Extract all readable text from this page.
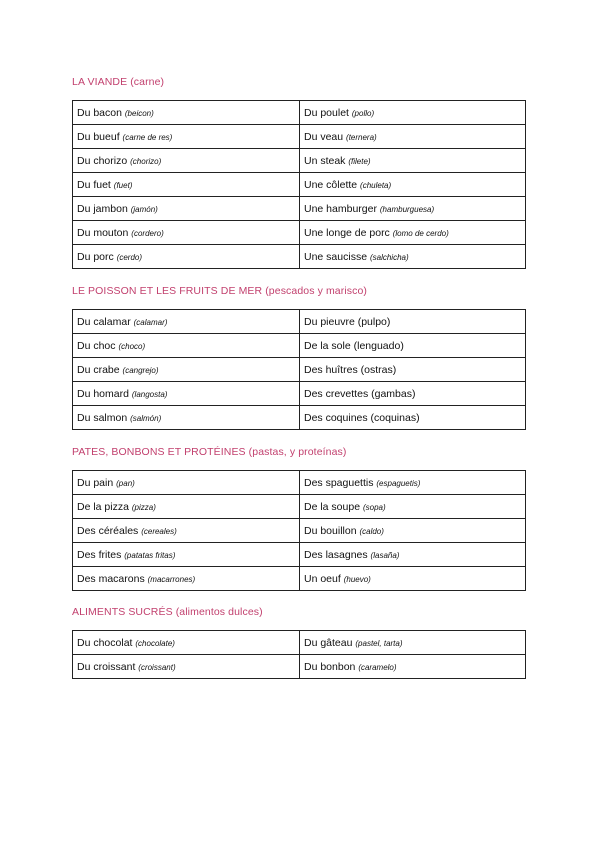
LA VIANDE (carne)
Du bacon (beicon)	Du poulet (pollo)
Du bueuf (carne de res)	Du veau (ternera)
Du chorizo (chorizo)	Un steak (filete)
Du fuet (fuet)	Une côlette (chuleta)
Du jambon (jamón)	Une hamburger (hamburguesa)
Du mouton (cordero)	Une longe de porc (lomo de cerdo)
Du porc (cerdo)	Une saucisse (salchicha)
LE POISSON ET LES FRUITS DE MER (pescados y marisco)
Du calamar (calamar)	Du pieuvre (pulpo)
Du choc (choco)	De la sole (lenguado)
Du crabe (cangrejo)	Des huîtres (ostras)
Du homard (langosta)	Des crevettes (gambas)
Du salmon (salmón)	Des coquines (coquinas)
PATES, BONBONS ET PROTÉINES (pastas, y proteínas)
Du pain (pan)	Des spaguettis (espaguetis)
De la pizza (pizza)	De la soupe (sopa)
Des céréales (cereales)	Du bouillon (caldo)
Des frites (patatas fritas)	Des lasagnes (lasaña)
Des macarons (macarrones)	Un oeuf (huevo)
ALIMENTS SUCRÉS (alimentos dulces)
Du chocolat (chocolate)	Du gâteau (pastel, tarta)
Du croissant (croissant)	Du bonbon (caramelo)
